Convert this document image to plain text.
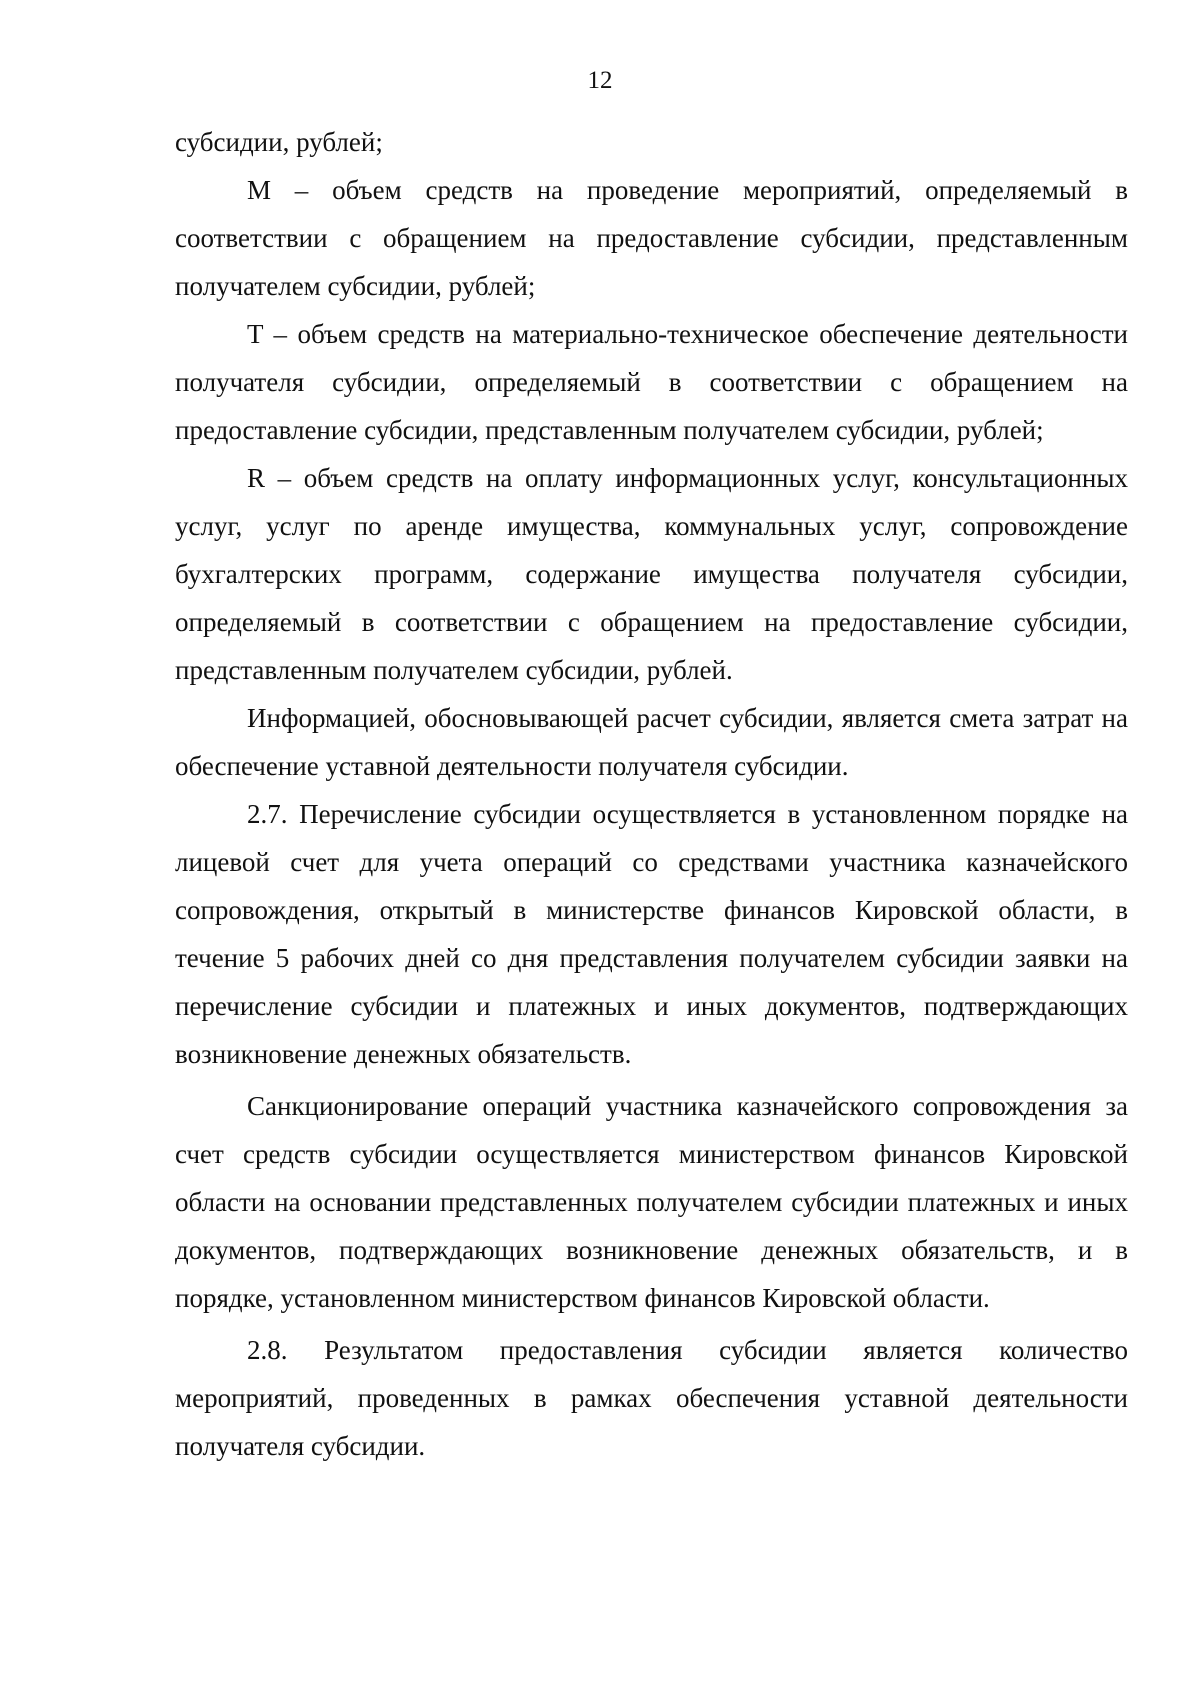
12

субсидии, рублей;

M – объем средств на проведение мероприятий, определяемый в соответствии с обращением на предоставление субсидии, представленным получателем субсидии, рублей;

T – объем средств на материально-техническое обеспечение деятельности получателя субсидии, определяемый в соответствии с обращением на предоставление субсидии, представленным получателем субсидии, рублей;

R – объем средств на оплату информационных услуг, консультационных услуг, услуг по аренде имущества, коммунальных услуг, сопровождение бухгалтерских программ, содержание имущества получателя субсидии, определяемый в соответствии с обращением на предоставление субсидии, представленным получателем субсидии, рублей.

Информацией, обосновывающей расчет субсидии, является смета затрат на обеспечение уставной деятельности получателя субсидии.

2.7. Перечисление субсидии осуществляется в установленном порядке на лицевой счет для учета операций со средствами участника казначейского сопровождения, открытый в министерстве финансов Кировской области, в течение 5 рабочих дней со дня представления получателем субсидии заявки на перечисление субсидии и платежных и иных документов, подтверждающих возникновение денежных обязательств.

Санкционирование операций участника казначейского сопровождения за счет средств субсидии осуществляется министерством финансов Кировской области на основании представленных получателем субсидии платежных и иных документов, подтверждающих возникновение денежных обязательств, и в порядке, установленном министерством финансов Кировской области.

2.8. Результатом предоставления субсидии является количество мероприятий, проведенных в рамках обеспечения уставной деятельности получателя субсидии.
